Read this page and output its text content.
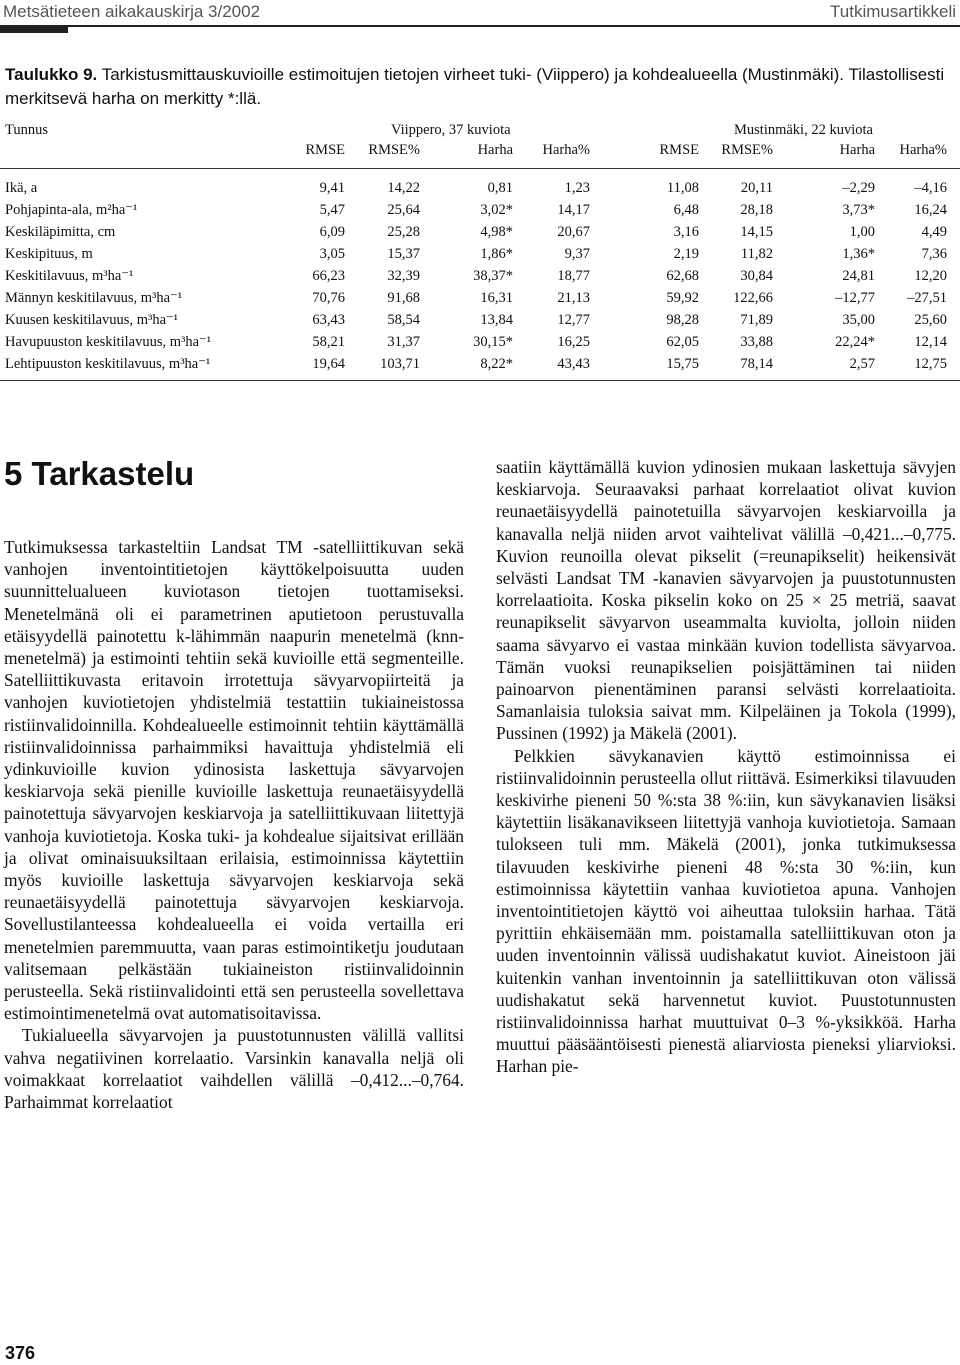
Metsätieteen aikakauskirja 3/2002	Tutkimusartikkeli
Taulukko 9. Tarkistusmittauskuvioille estimoitujen tietojen virheet tuki- (Viippero) ja kohdealueella (Mustinmäki). Tilastollisesti merkitsevä harha on merkitty *:llä.
Tunnus	Viippero, 37 kuviota	Mustinmäki, 22 kuviota
RMSE RMSE%	Harha Harha%	RMSE RMSE%	Harha Harha%
Ikä, a	9,41	14,22	0,81	1,23	11,08	20,11	–2,29	–4,16
Pohjapinta-ala, m²ha⁻¹	5,47	25,64	3,02*	14,17	6,48	28,18	3,73*	16,24
Keskiläpimitta, cm	6,09	25,28	4,98*	20,67	3,16	14,15	1,00	4,49
Keskipituus, m	3,05	15,37	1,86*	9,37	2,19	11,82	1,36*	7,36
Keskitilavuus, m³ha⁻¹	66,23	32,39	38,37*	18,77	62,68	30,84	24,81	12,20
Männyn keskitilavuus, m³ha⁻¹	70,76	91,68	16,31	21,13	59,92 122,66	–12,77 –27,51
Kuusen keskitilavuus, m³ha⁻¹	63,43	58,54	13,84	12,77	98,28	71,89	35,00	25,60
Havupuuston keskitilavuus, m³ha⁻¹	58,21	31,37	30,15*	16,25	62,05	33,88	22,24*	12,14
Lehtipuuston keskitilavuus, m³ha⁻¹	19,64 103,71	8,22*	43,43	15,75	78,14	2,57	12,75
5 Tarkastelu

Tutkimuksessa tarkasteltiin Landsat TM -satelliittikuvan sekä vanhojen inventointitietojen käyttökelpoisuutta uuden suunnittelualueen kuviotason tietojen tuottamiseksi. Menetelmänä oli ei parametrinen aputietoon perustuvalla etäisyydellä painotettu k-lähimmän naapurin menetelmä (knn-menetelmä) ja estimointi tehtiin sekä kuvioille että segmenteille. Satelliittikuvasta eritavoin irrotettuja sävyarvopiirteitä ja vanhojen kuviotietojen yhdistelmiä testattiin tukiaineistossa ristiinvalidoinnilla. Kohdealueelle estimoinnit tehtiin käyttämällä ristiinvalidoinnissa parhaimmiksi havaittuja yhdistelmiä eli ydinkuvioille kuvion ydinosista laskettuja sävyarvojen keskiarvoja sekä pienille kuvioille laskettuja reunaetäisyydellä painotettuja sävyarvojen keskiarvoja ja satelliittikuvaan liitettyjä vanhoja kuviotietoja. Koska tuki- ja kohdealue sijaitsivat erillään ja olivat ominaisuuksiltaan erilaisia, estimoinnissa käytettiin myös kuvioille laskettuja sävyarvojen keskiarvoja sekä reunaetäisyydellä painotettuja sävyarvojen keskiarvoja. Sovellustilanteessa kohdealueella ei voida vertailla eri menetelmien paremmuutta, vaan paras estimointiketju joudutaan valitsemaan pelkästään tukiaineiston ristiinvalidoinnin perusteella. Sekä ristiinvalidointi että sen perusteella sovellettava estimointimenetelmä ovat automatisoitavissa.

Tukialueella sävyarvojen ja puustotunnusten välillä vallitsi vahva negatiivinen korrelaatio. Varsinkin kanavalla neljä oli voimakkaat korrelaatiot vaihdellen välillä –0,412...–0,764. Parhaimmat korrelaatiot

saatiin käyttämällä kuvion ydinosien mukaan laskettuja sävyjen keskiarvoja. Seuraavaksi parhaat korrelaatiot olivat kuvion reunaetäisyydellä painotetuilla sävyarvojen keskiarvoilla ja kanavalla neljä niiden arvot vaihtelivat välillä –0,421...–0,775. Kuvion reunoilla olevat pikselit (=reunapikselit) heikensivät selvästi Landsat TM -kanavien sävyarvojen ja puustotunnusten korrelaatioita. Koska pikselin koko on 25 × 25 metriä, saavat reunapikselit sävyarvon useammalta kuviolta, jolloin niiden saama sävyarvo ei vastaa minkään kuvion todellista sävyarvoa. Tämän vuoksi reunapikselien poisjättäminen tai niiden painoarvon pienentäminen paransi selvästi korrelaatioita. Samanlaisia tuloksia saivat mm. Kilpeläinen ja Tokola (1999), Pussinen (1992) ja Mäkelä (2001).

Pelkkien sävykanavien käyttö estimoinnissa ei ristiinvalidoinnin perusteella ollut riittävä. Esimerkiksi tilavuuden keskivirhe pieneni 50 %:sta 38 %:iin, kun sävykanavien lisäksi käytettiin lisäkanavikseen liitettyjä vanhoja kuviotietoja. Samaan tulokseen tuli mm. Mäkelä (2001), jonka tutkimuksessa tilavuuden keskivirhe pieneni 48 %:sta 30 %:iin, kun estimoinnissa käytettiin vanhaa kuviotietoa apuna. Vanhojen inventointitietojen käyttö voi aiheuttaa tuloksiin harhaa. Tätä pyrittiin ehkäisemään mm. poistamalla satelliittikuvan oton ja uuden inventoinnin välissä uudishakatut kuviot. Aineistoon jäi kuitenkin vanhan inventoinnin ja satelliittikuvan oton välissä uudishakatut sekä harvennetut kuviot. Puustotunnusten ristiinvalidoinnissa harhat muuttuivat 0–3 %-yksikköä. Harha muuttui pääsääntöisesti pienestä aliarviosta pieneksi yliarvioksi. Harhan pie-

376
